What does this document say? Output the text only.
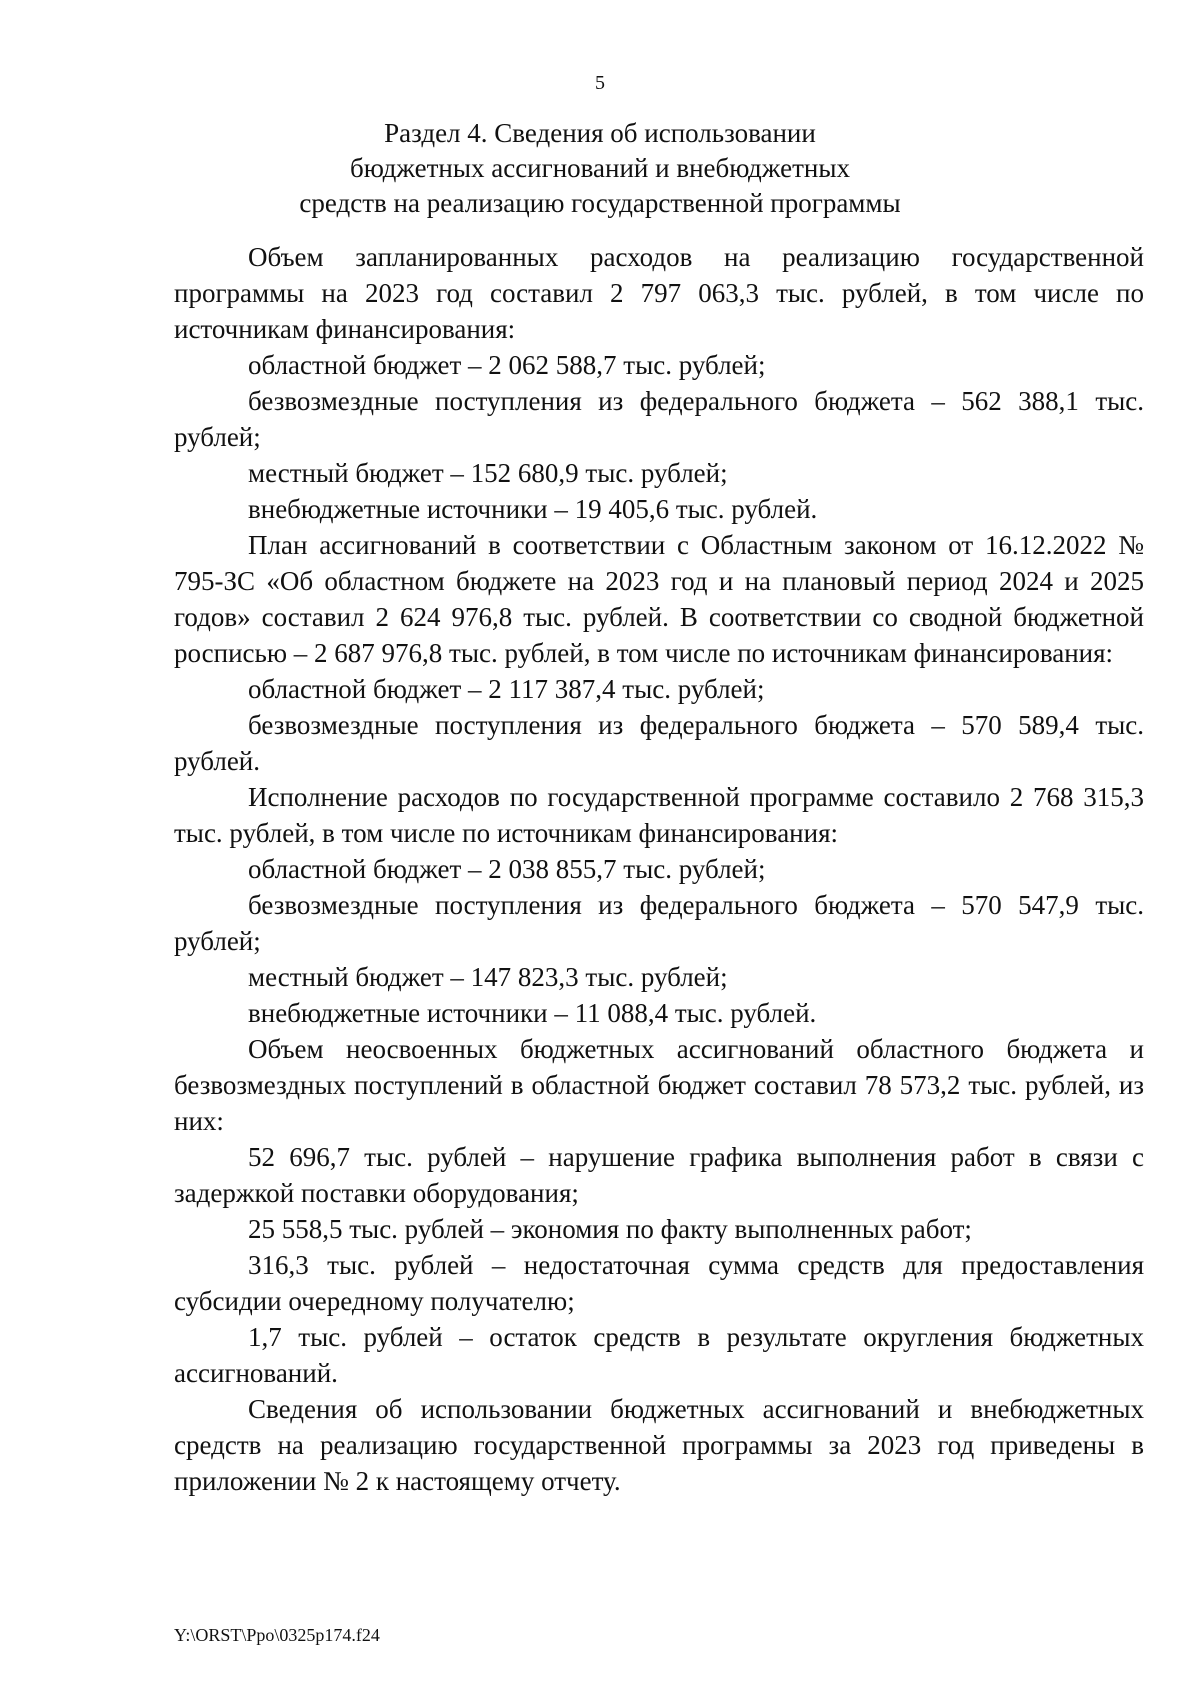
5
Раздел 4. Сведения об использовании
бюджетных ассигнований и внебюджетных
средств на реализацию государственной программы

Объем запланированных расходов на реализацию государственной программы на 2023 год составил 2 797 063,3 тыс. рублей, в том числе по источникам финансирования:

областной бюджет – 2 062 588,7 тыс. рублей;

безвозмездные поступления из федерального бюджета – 562 388,1 тыс. рублей;

местный бюджет – 152 680,9 тыс. рублей;

внебюджетные источники – 19 405,6 тыс. рублей.

План ассигнований в соответствии с Областным законом от 16.12.2022 № 795-ЗС «Об областном бюджете на 2023 год и на плановый период 2024 и 2025 годов» составил 2 624 976,8 тыс. рублей. В соответствии со сводной бюджетной росписью – 2 687 976,8 тыс. рублей, в том числе по источникам финансирования:

областной бюджет – 2 117 387,4 тыс. рублей;

безвозмездные поступления из федерального бюджета – 570 589,4 тыс. рублей.

Исполнение расходов по государственной программе составило 2 768 315,3 тыс. рублей, в том числе по источникам финансирования:

областной бюджет – 2 038 855,7 тыс. рублей;

безвозмездные поступления из федерального бюджета – 570 547,9 тыс. рублей;

местный бюджет – 147 823,3 тыс. рублей;

внебюджетные источники – 11 088,4 тыс. рублей.

Объем неосвоенных бюджетных ассигнований областного бюджета и безвозмездных поступлений в областной бюджет составил 78 573,2 тыс. рублей, из них:

52 696,7 тыс. рублей – нарушение графика выполнения работ в связи с задержкой поставки оборудования;

25 558,5 тыс. рублей – экономия по факту выполненных работ;

316,3 тыс. рублей – недостаточная сумма средств для предоставления субсидии очередному получателю;

1,7 тыс. рублей – остаток средств в результате округления бюджетных ассигнований.

Сведения об использовании бюджетных ассигнований и внебюджетных средств на реализацию государственной программы за 2023 год приведены в приложении № 2 к настоящему отчету.

Y:\ORST\Ppo\0325p174.f24
